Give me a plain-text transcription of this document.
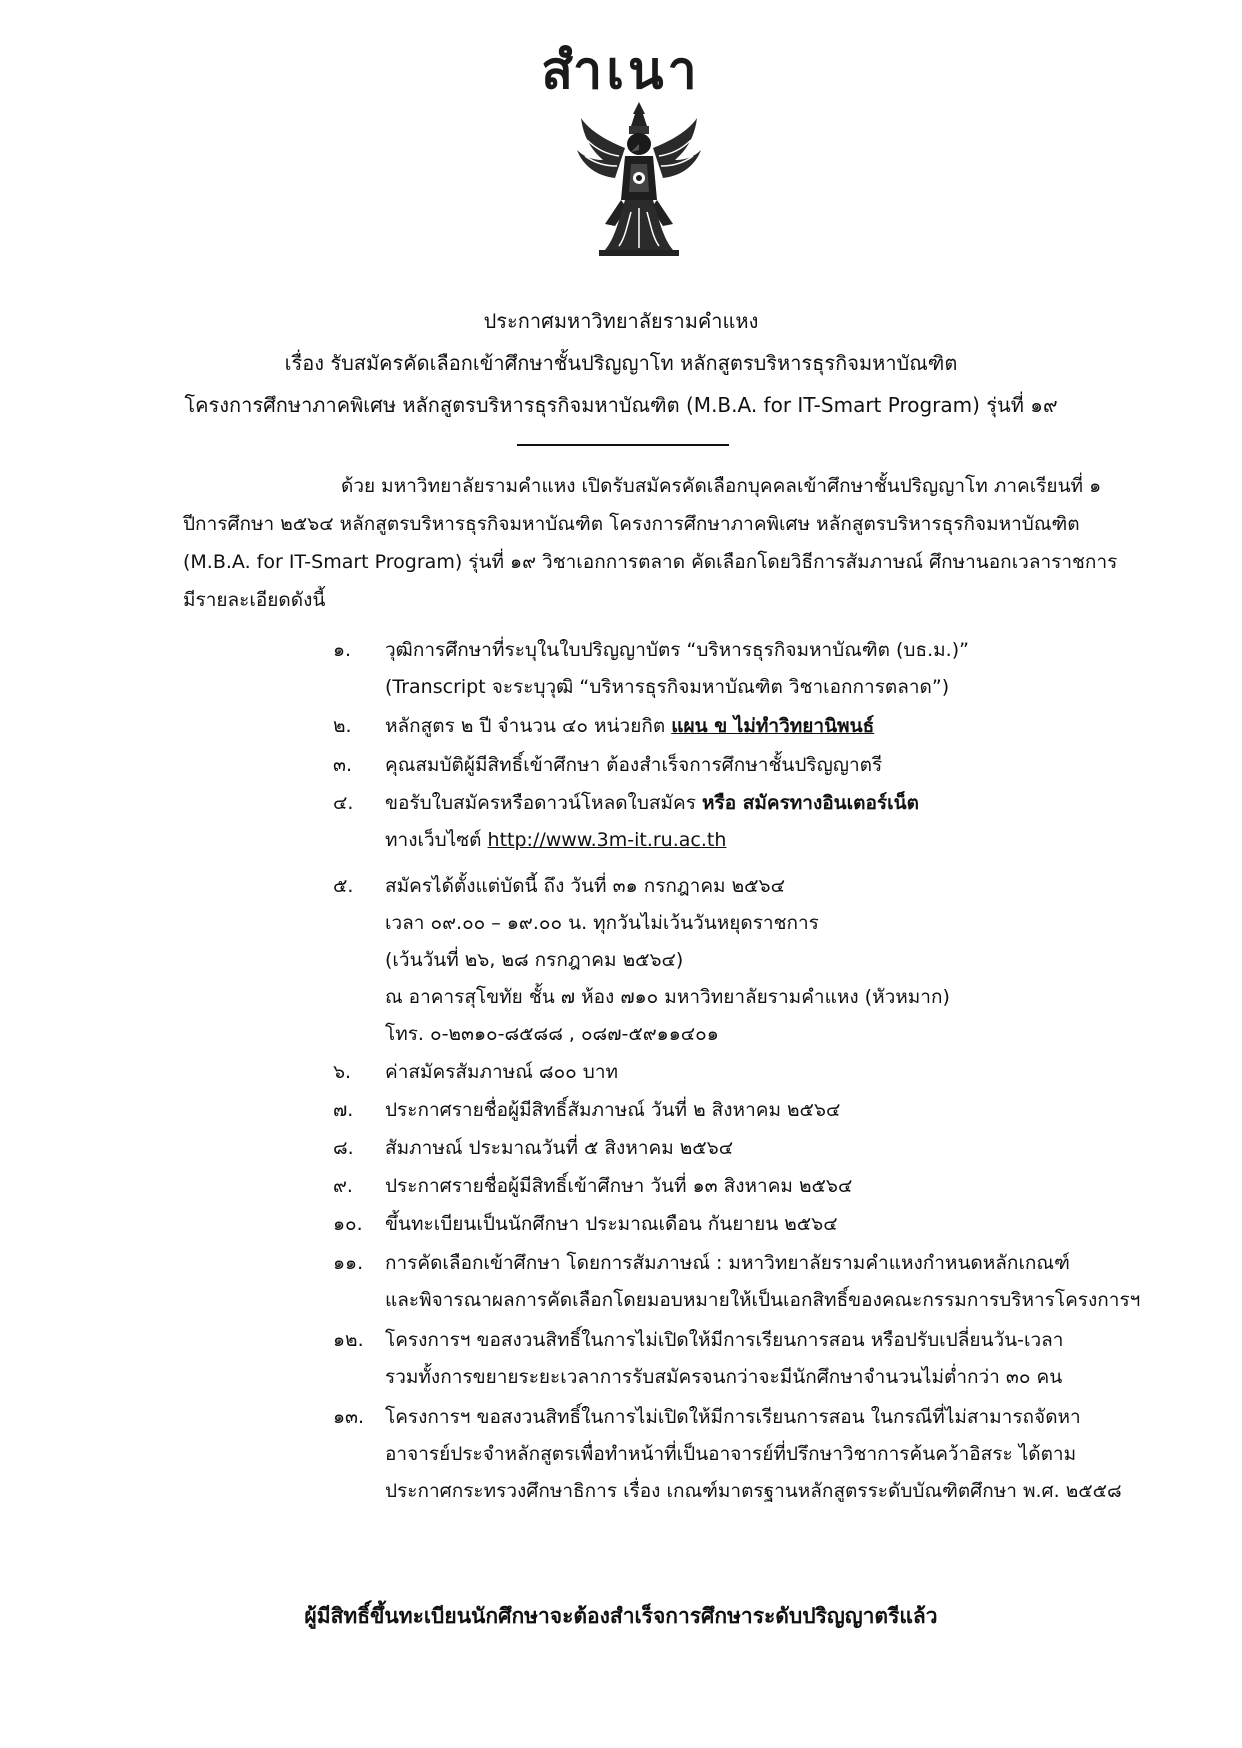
สำเนา
ประกาศมหาวิทยาลัยรามคำแหง
เรื่อง รับสมัครคัดเลือกเข้าศึกษาชั้นปริญญาโท หลักสูตรบริหารธุรกิจมหาบัณฑิต
โครงการศึกษาภาคพิเศษ หลักสูตรบริหารธุรกิจมหาบัณฑิต (M.B.A. for IT-Smart Program) รุ่นที่ ๑๙
ด้วย มหาวิทยาลัยรามคำแหง เปิดรับสมัครคัดเลือกบุคคลเข้าศึกษาชั้นปริญญาโท ภาคเรียนที่ ๑
ปีการศึกษา ๒๕๖๔ หลักสูตรบริหารธุรกิจมหาบัณฑิต โครงการศึกษาภาคพิเศษ หลักสูตรบริหารธุรกิจมหาบัณฑิต
(M.B.A. for IT-Smart Program) รุ่นที่ ๑๙ วิชาเอกการตลาด คัดเลือกโดยวิธีการสัมภาษณ์ ศึกษานอกเวลาราชการ
มีรายละเอียดดังนี้
๑.	วุฒิการศึกษาที่ระบุในใบปริญญาบัตร “บริหารธุรกิจมหาบัณฑิต (บธ.ม.)”
(Transcript จะระบุวุฒิ “บริหารธุรกิจมหาบัณฑิต วิชาเอกการตลาด”)
๒.	หลักสูตร ๒ ปี จำนวน ๔๐ หน่วยกิต แผน ข ไม่ทำวิทยานิพนธ์
๓.	คุณสมบัติผู้มีสิทธิ์เข้าศึกษา ต้องสำเร็จการศึกษาชั้นปริญญาตรี
๔.	ขอรับใบสมัครหรือดาวน์โหลดใบสมัคร หรือ สมัครทางอินเตอร์เน็ต
ทางเว็บไซต์ http://www.3m-it.ru.ac.th
๕.	สมัครได้ตั้งแต่บัดนี้ ถึง วันที่ ๓๑ กรกฎาคม ๒๕๖๔
เวลา ๐๙.๐๐ – ๑๙.๐๐ น. ทุกวันไม่เว้นวันหยุดราชการ
(เว้นวันที่ ๒๖, ๒๘ กรกฎาคม ๒๕๖๔)
ณ อาคารสุโขทัย ชั้น ๗ ห้อง ๗๑๐ มหาวิทยาลัยรามคำแหง (หัวหมาก)
โทร. ๐-๒๓๑๐-๘๕๘๘ , ๐๘๗-๕๙๑๑๔๐๑
๖.	ค่าสมัครสัมภาษณ์ ๘๐๐ บาท
๗.	ประกาศรายชื่อผู้มีสิทธิ์สัมภาษณ์ วันที่ ๒ สิงหาคม ๒๕๖๔
๘.	สัมภาษณ์ ประมาณวันที่ ๕ สิงหาคม ๒๕๖๔
๙.	ประกาศรายชื่อผู้มีสิทธิ์เข้าศึกษา วันที่ ๑๓ สิงหาคม ๒๕๖๔
๑๐.	ขึ้นทะเบียนเป็นนักศึกษา ประมาณเดือน กันยายน ๒๕๖๔
๑๑.	การคัดเลือกเข้าศึกษา โดยการสัมภาษณ์ : มหาวิทยาลัยรามคำแหงกำหนดหลักเกณฑ์
และพิจารณาผลการคัดเลือกโดยมอบหมายให้เป็นเอกสิทธิ์ของคณะกรรมการบริหารโครงการฯ
๑๒.	โครงการฯ ขอสงวนสิทธิ์ในการไม่เปิดให้มีการเรียนการสอน หรือปรับเปลี่ยนวัน-เวลา
รวมทั้งการขยายระยะเวลาการรับสมัครจนกว่าจะมีนักศึกษาจำนวนไม่ต่ำกว่า ๓๐ คน
๑๓.	โครงการฯ ขอสงวนสิทธิ์ในการไม่เปิดให้มีการเรียนการสอน ในกรณีที่ไม่สามารถจัดหา
อาจารย์ประจำหลักสูตรเพื่อทำหน้าที่เป็นอาจารย์ที่ปรึกษาวิชาการค้นคว้าอิสระ ได้ตาม
ประกาศกระทรวงศึกษาธิการ เรื่อง เกณฑ์มาตรฐานหลักสูตรระดับบัณฑิตศึกษา พ.ศ. ๒๕๕๘
ผู้มีสิทธิ์ขึ้นทะเบียนนักศึกษาจะต้องสำเร็จการศึกษาระดับปริญญาตรีแล้ว
